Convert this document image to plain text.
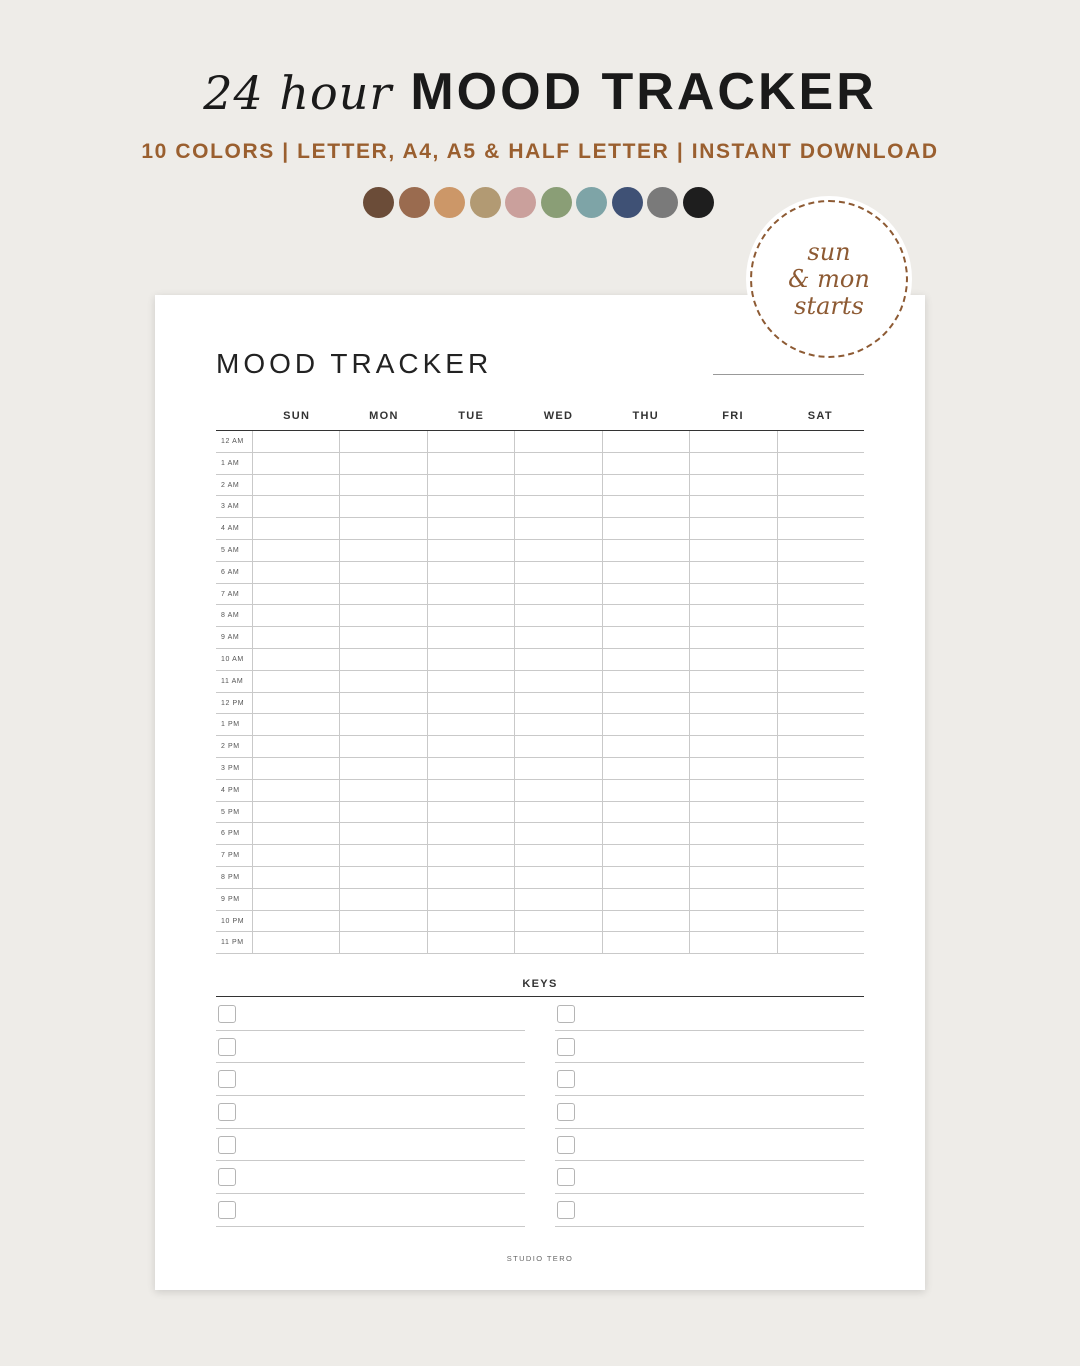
24 hour MOOD TRACKER
10 COLORS | LETTER, A4, A5 & HALF LETTER | INSTANT DOWNLOAD
sun
& mon
starts
MOOD TRACKER
SUN	MON	TUE	WED	THU	FRI	SAT
12 AM
1 AM
2 AM
3 AM
4 AM
5 AM
6 AM
7 AM
8 AM
9 AM
10 AM
11 AM
12 PM
1 PM
2 PM
3 PM
4 PM
5 PM
6 PM
7 PM
8 PM
9 PM
10 PM
11 PM
KEYS
STUDIO TERO
